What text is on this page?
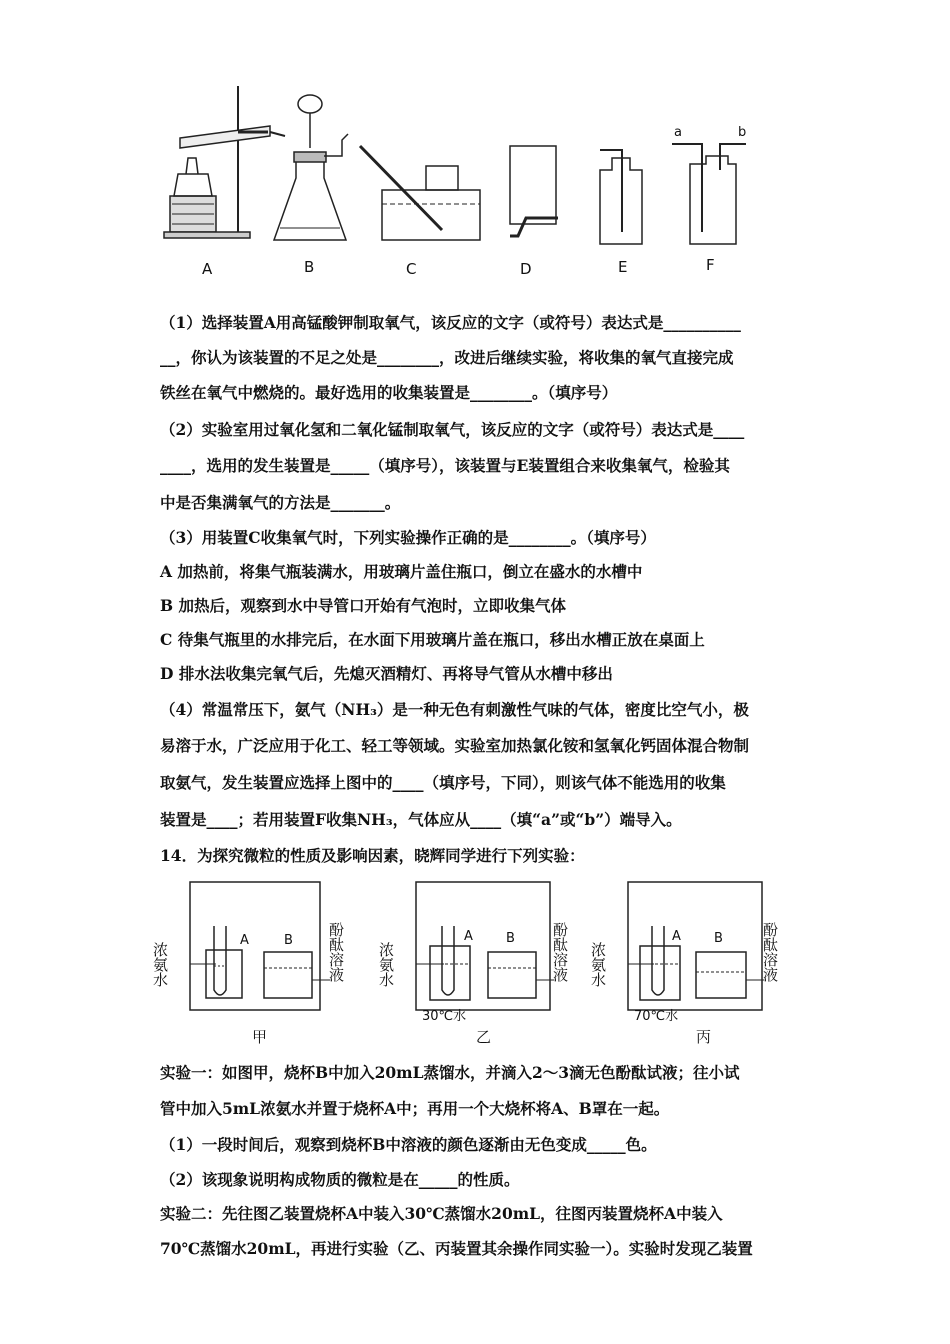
A	B	C	D	E	F
a	b
（1）选择装置A用高锰酸钾制取氧气，该反应的文字（或符号）表达式是__________
__，你认为该装置的不足之处是________，改进后继续实验，将收集的氧气直接完成
铁丝在氧气中燃烧的。最好选用的收集装置是________。（填序号）
（2）实验室用过氧化氢和二氧化锰制取氧气，该反应的文字（或符号）表达式是____
____，选用的发生装置是_____（填序号），该装置与E装置组合来收集氧气，检验其
中是否集满氧气的方法是_______。
（3）用装置C收集氧气时，下列实验操作正确的是________。（填序号）
A 加热前，将集气瓶装满水，用玻璃片盖住瓶口，倒立在盛水的水槽中
B 加热后，观察到水中导管口开始有气泡时，立即收集气体
C 待集气瓶里的水排完后，在水面下用玻璃片盖在瓶口，移出水槽正放在桌面上
D 排水法收集完氧气后，先熄灭酒精灯、再将导气管从水槽中移出
（4）常温常压下，氨气（NH₃）是一种无色有刺激性气味的气体，密度比空气小，极
易溶于水，广泛应用于化工、轻工等领域。实验室加热氯化铵和氢氧化钙固体混合物制
取氨气，发生装置应选择上图中的____（填序号，下同），则该气体不能选用的收集
装置是____；若用装置F收集NH₃，气体应从____（填“a”或“b”）端导入。
14．为探究微粒的性质及影响因素，晓辉同学进行下列实验：
浓氨水	酚酞溶液
A	B
甲
浓氨水	酚酞溶液
A	B
30℃水
乙
浓氨水	酚酞溶液
A	B
70℃水
丙
实验一：如图甲，烧杯B中加入20mL蒸馏水，并滴入2～3滴无色酚酞试液；往小试
管中加入5mL浓氨水并置于烧杯A中；再用一个大烧杯将A、B罩在一起。
（1）一段时间后，观察到烧杯B中溶液的颜色逐渐由无色变成_____色。
（2）该现象说明构成物质的微粒是在_____的性质。
实验二：先往图乙装置烧杯A中装入30℃蒸馏水20mL，往图丙装置烧杯A中装入
70℃蒸馏水20mL，再进行实验（乙、丙装置其余操作同实验一）。实验时发现乙装置
